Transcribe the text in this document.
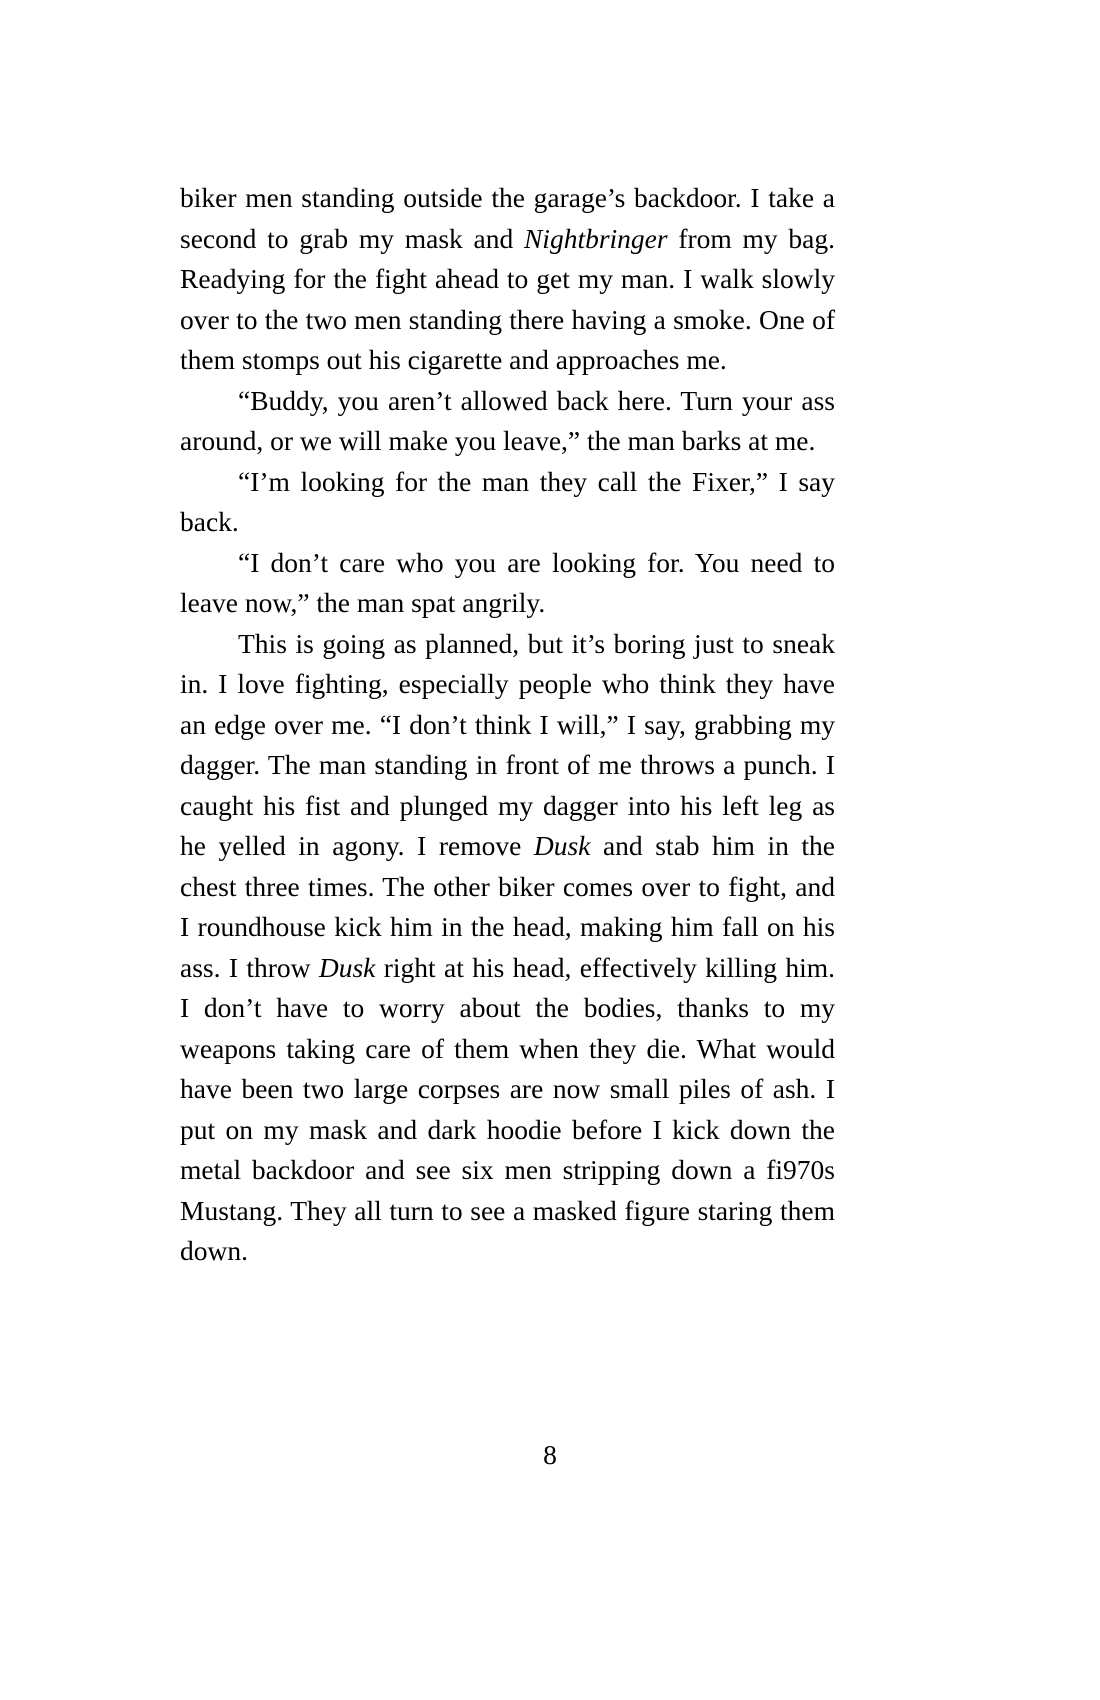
biker men standing outside the garage’s backdoor. I take a second to grab my mask and Nightbringer from my bag. Readying for the fight ahead to get my man. I walk slowly over to the two men standing there having a smoke. One of them stomps out his cigarette and approaches me.

“Buddy, you aren’t allowed back here. Turn your ass around, or we will make you leave,” the man barks at me.

“I’m looking for the man they call the Fixer,” I say back.

“I don’t care who you are looking for. You need to leave now,” the man spat angrily.

This is going as planned, but it’s boring just to sneak in. I love fighting, especially people who think they have an edge over me. “I don’t think I will,” I say, grabbing my dagger. The man standing in front of me throws a punch. I caught his fist and plunged my dagger into his left leg as he yelled in agony. I remove Dusk and stab him in the chest three times. The other biker comes over to fight, and I roundhouse kick him in the head, making him fall on his ass. I throw Dusk right at his head, effectively killing him. I don’t have to worry about the bodies, thanks to my weapons taking care of them when they die. What would have been two large corpses are now small piles of ash. I put on my mask and dark hoodie before I kick down the metal backdoor and see six men stripping down a fi970s Mustang. They all turn to see a masked figure staring them down.

8
